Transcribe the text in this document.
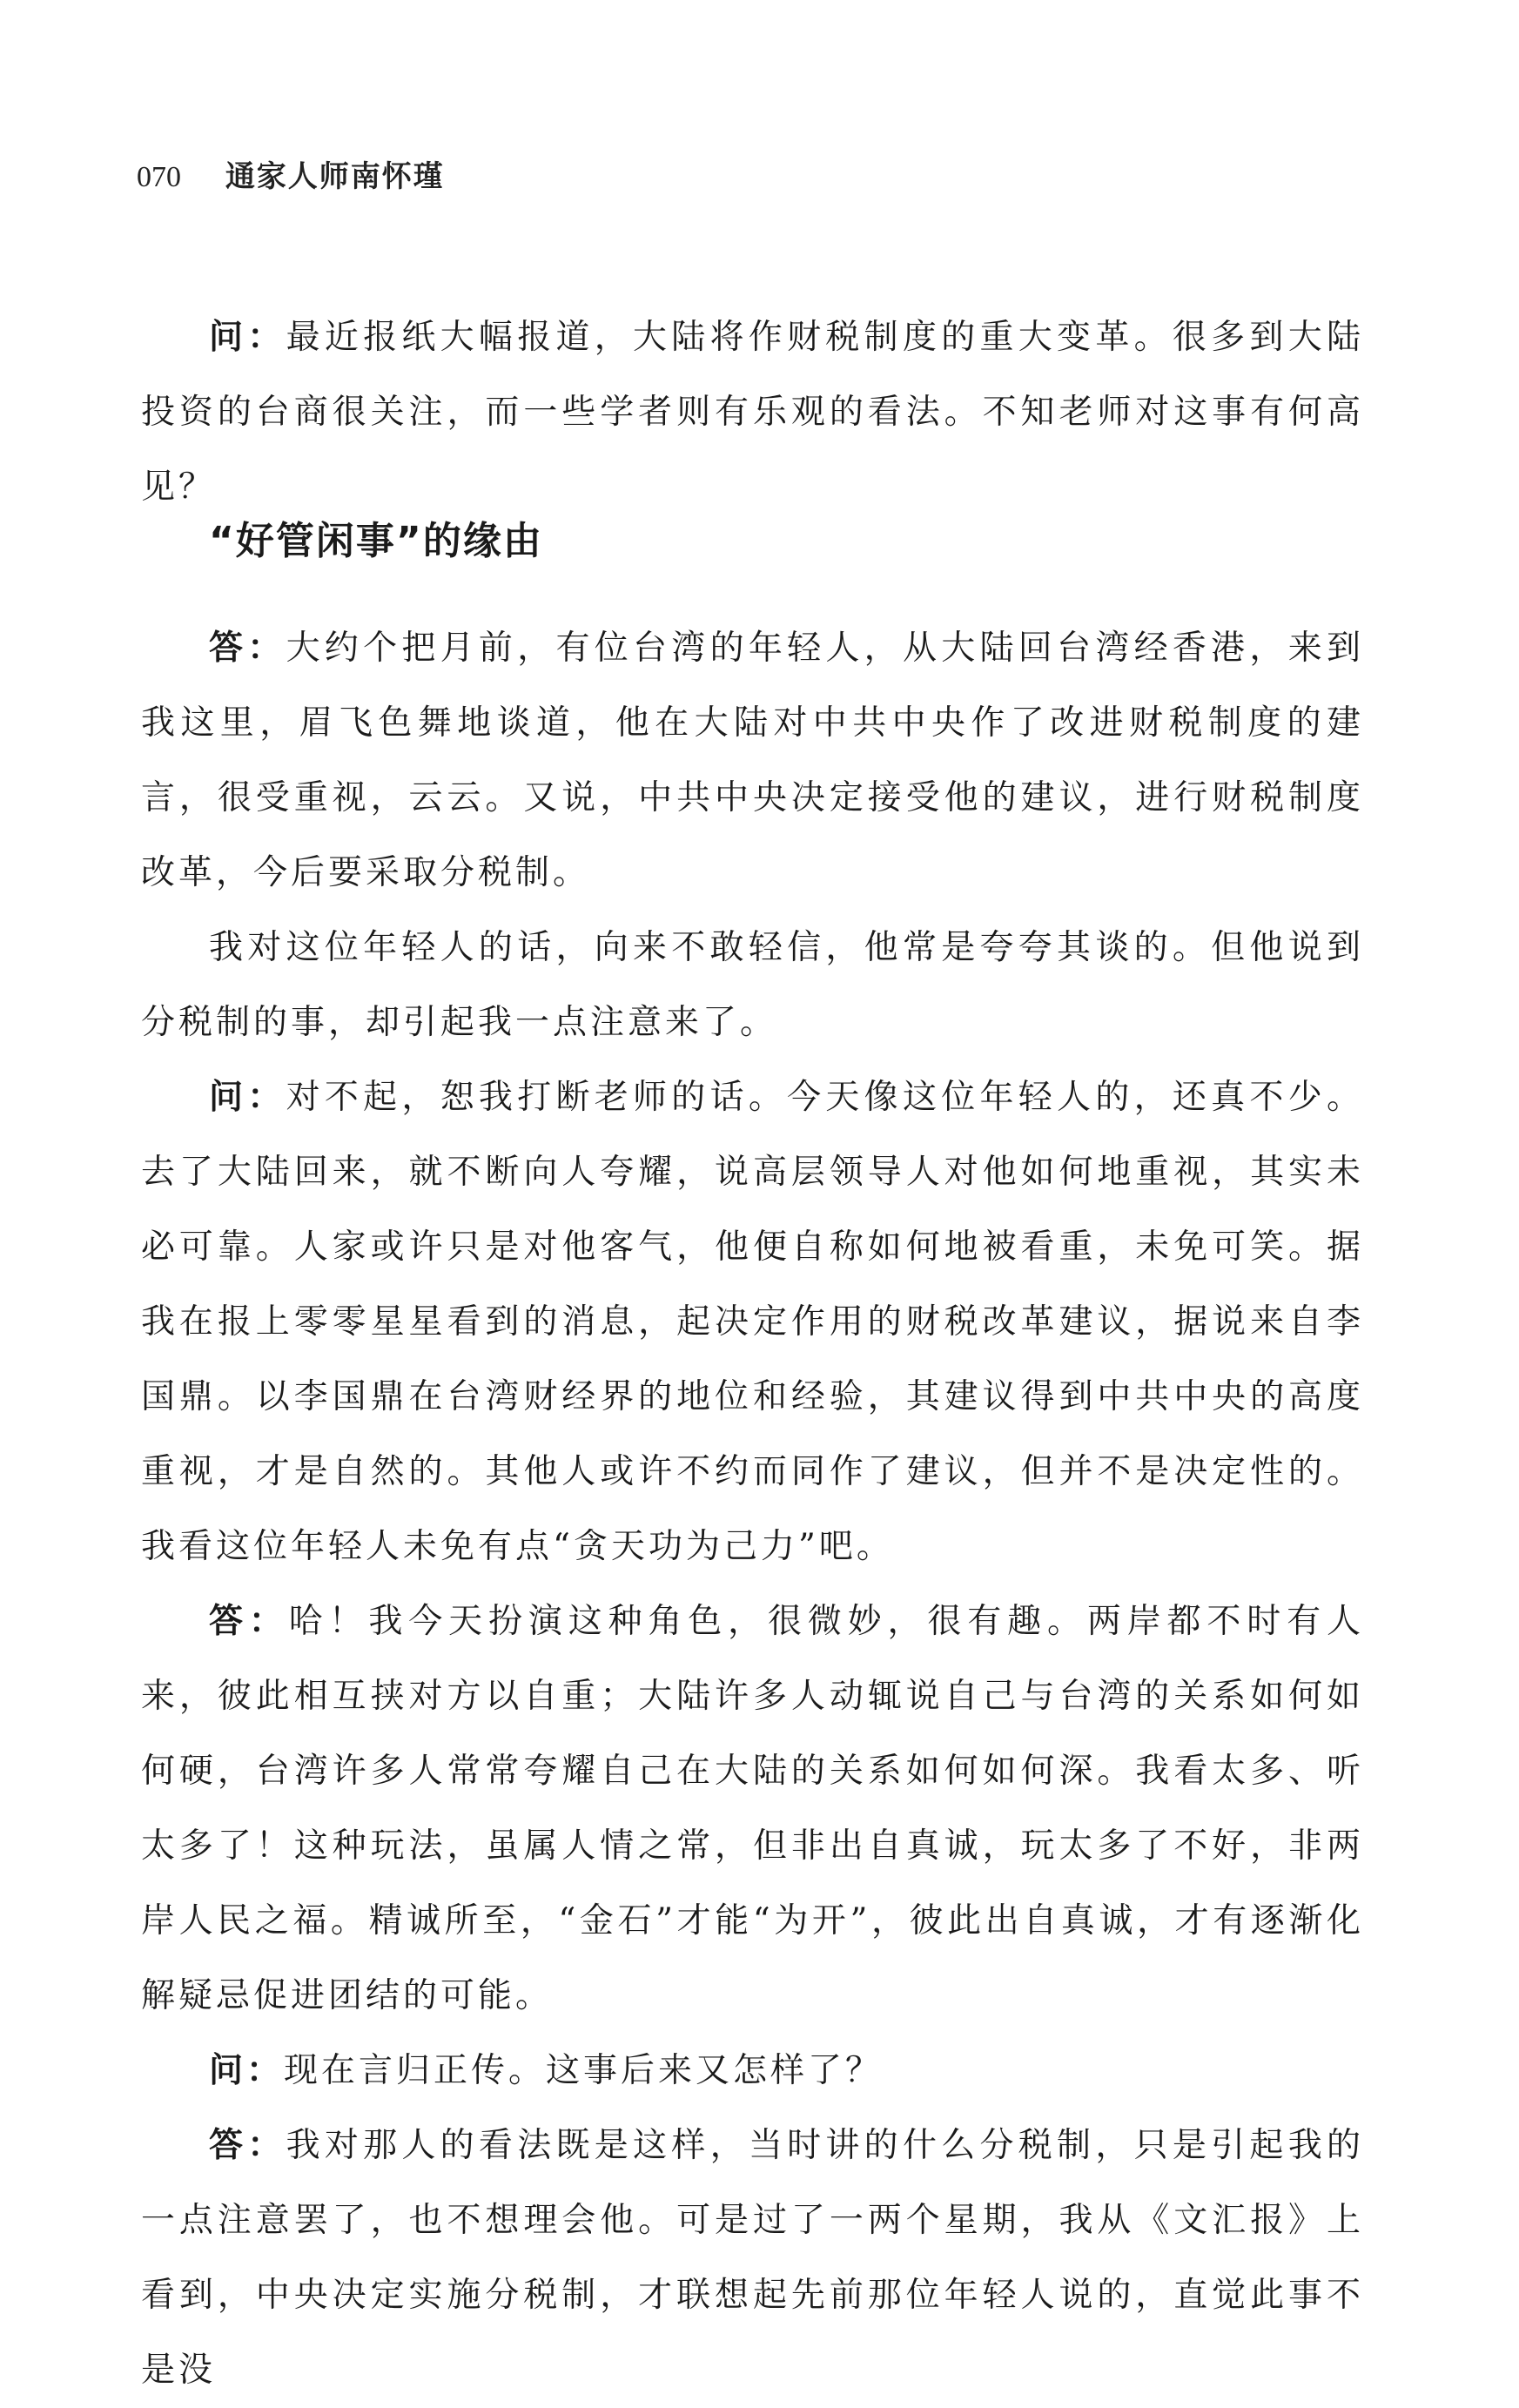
070 通家人师南怀瑾

问：最近报纸大幅报道，大陆将作财税制度的重大变革。很多到大陆投资的台商很关注，而一些学者则有乐观的看法。不知老师对这事有何高见？

“好管闲事”的缘由

答：大约个把月前，有位台湾的年轻人，从大陆回台湾经香港，来到我这里，眉飞色舞地谈道，他在大陆对中共中央作了改进财税制度的建言，很受重视，云云。又说，中共中央决定接受他的建议，进行财税制度改革，今后要采取分税制。

我对这位年轻人的话，向来不敢轻信，他常是夸夸其谈的。但他说到分税制的事，却引起我一点注意来了。

问：对不起，恕我打断老师的话。今天像这位年轻人的，还真不少。去了大陆回来，就不断向人夸耀，说高层领导人对他如何地重视，其实未必可靠。人家或许只是对他客气，他便自称如何地被看重，未免可笑。据我在报上零零星星看到的消息，起决定作用的财税改革建议，据说来自李国鼎。以李国鼎在台湾财经界的地位和经验，其建议得到中共中央的高度重视，才是自然的。其他人或许不约而同作了建议，但并不是决定性的。我看这位年轻人未免有点“贪天功为己力”吧。

答：哈！我今天扮演这种角色，很微妙，很有趣。两岸都不时有人来，彼此相互挟对方以自重；大陆许多人动辄说自己与台湾的关系如何如何硬，台湾许多人常常夸耀自己在大陆的关系如何如何深。我看太多、听太多了！这种玩法，虽属人情之常，但非出自真诚，玩太多了不好，非两岸人民之福。精诚所至，“金石”才能“为开”，彼此出自真诚，才有逐渐化解疑忌促进团结的可能。

问：现在言归正传。这事后来又怎样了？

答：我对那人的看法既是这样，当时讲的什么分税制，只是引起我的一点注意罢了，也不想理会他。可是过了一两个星期，我从《文汇报》上看到，中央决定实施分税制，才联想起先前那位年轻人说的，直觉此事不是没
